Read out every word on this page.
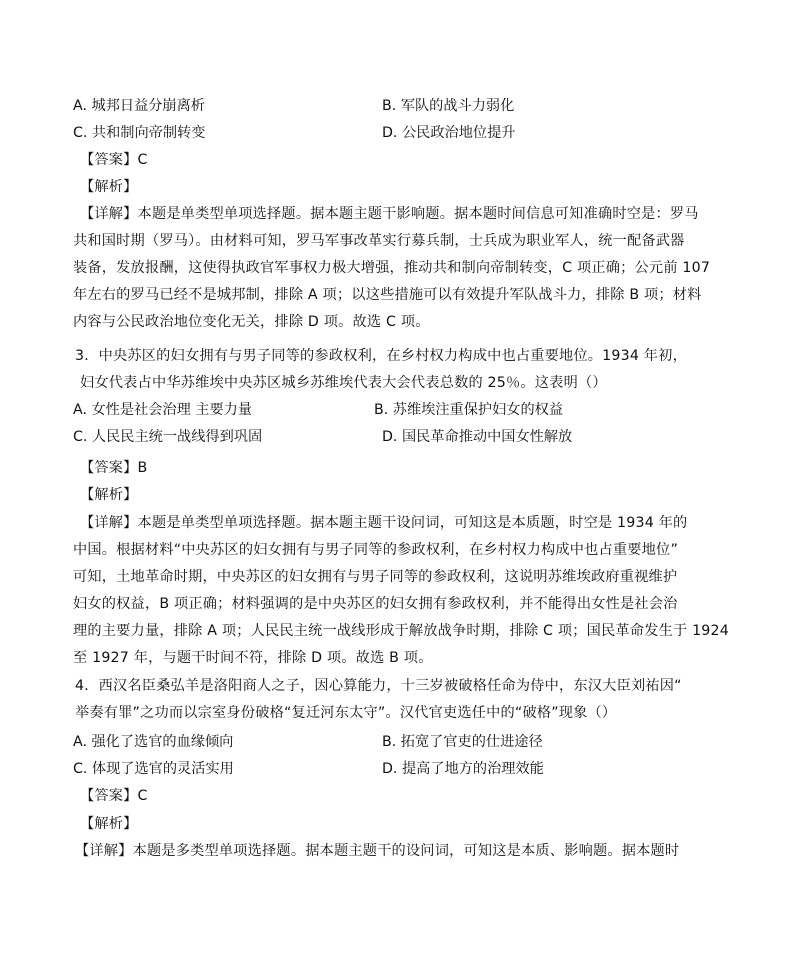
A. 城邦日益分崩离析	B. 军队的战斗力弱化
C. 共和制向帝制转变	D. 公民政治地位提升
【答案】C
【解析】
【详解】本题是单类型单项选择题。据本题主题干影响题。据本题时间信息可知准确时空是：罗马
共和国时期（罗马）。由材料可知，罗马军事改革实行募兵制，士兵成为职业军人，统一配备武器
装备，发放报酬，这使得执政官军事权力极大增强，推动共和制向帝制转变，C 项正确；公元前 107
年左右的罗马已经不是城邦制，排除 A 项；以这些措施可以有效提升军队战斗力，排除 B 项；材料
内容与公民政治地位变化无关，排除 D 项。故选 C 项。
3．中央苏区的妇女拥有与男子同等的参政权利，在乡村权力构成中也占重要地位。1934 年初，
妇女代表占中华苏维埃中央苏区城乡苏维埃代表大会代表总数的 25％。这表明（）
A. 女性是社会治理 主要力量	B. 苏维埃注重保护妇女的权益
C. 人民民主统一战线得到巩固	D. 国民革命推动中国女性解放
【答案】B
【解析】
【详解】本题是单类型单项选择题。据本题主题干设问词，可知这是本质题，时空是 1934 年的
中国。根据材料“中央苏区的妇女拥有与男子同等的参政权利，在乡村权力构成中也占重要地位”
可知，土地革命时期，中央苏区的妇女拥有与男子同等的参政权利，这说明苏维埃政府重视维护
妇女的权益，B 项正确；材料强调的是中央苏区的妇女拥有参政权利，并不能得出女性是社会治
理的主要力量，排除 A 项；人民民主统一战线形成于解放战争时期，排除 C 项；国民革命发生于 1924
至 1927 年，与题干时间不符，排除 D 项。故选 B 项。
4．西汉名臣桑弘羊是洛阳商人之子，因心算能力，十三岁被破格任命为侍中，东汉大臣刘祐因“
举奏有罪”之功而以宗室身份破格“复迁河东太守”。汉代官吏选任中的“破格”现象（）
A. 强化了选官的血缘倾向	B. 拓宽了官吏的仕进途径
C. 体现了选官的灵活实用	D. 提高了地方的治理效能
【答案】C
【解析】
【详解】本题是多类型单项选择题。据本题主题干的设问词，可知这是本质、影响题。据本题时
